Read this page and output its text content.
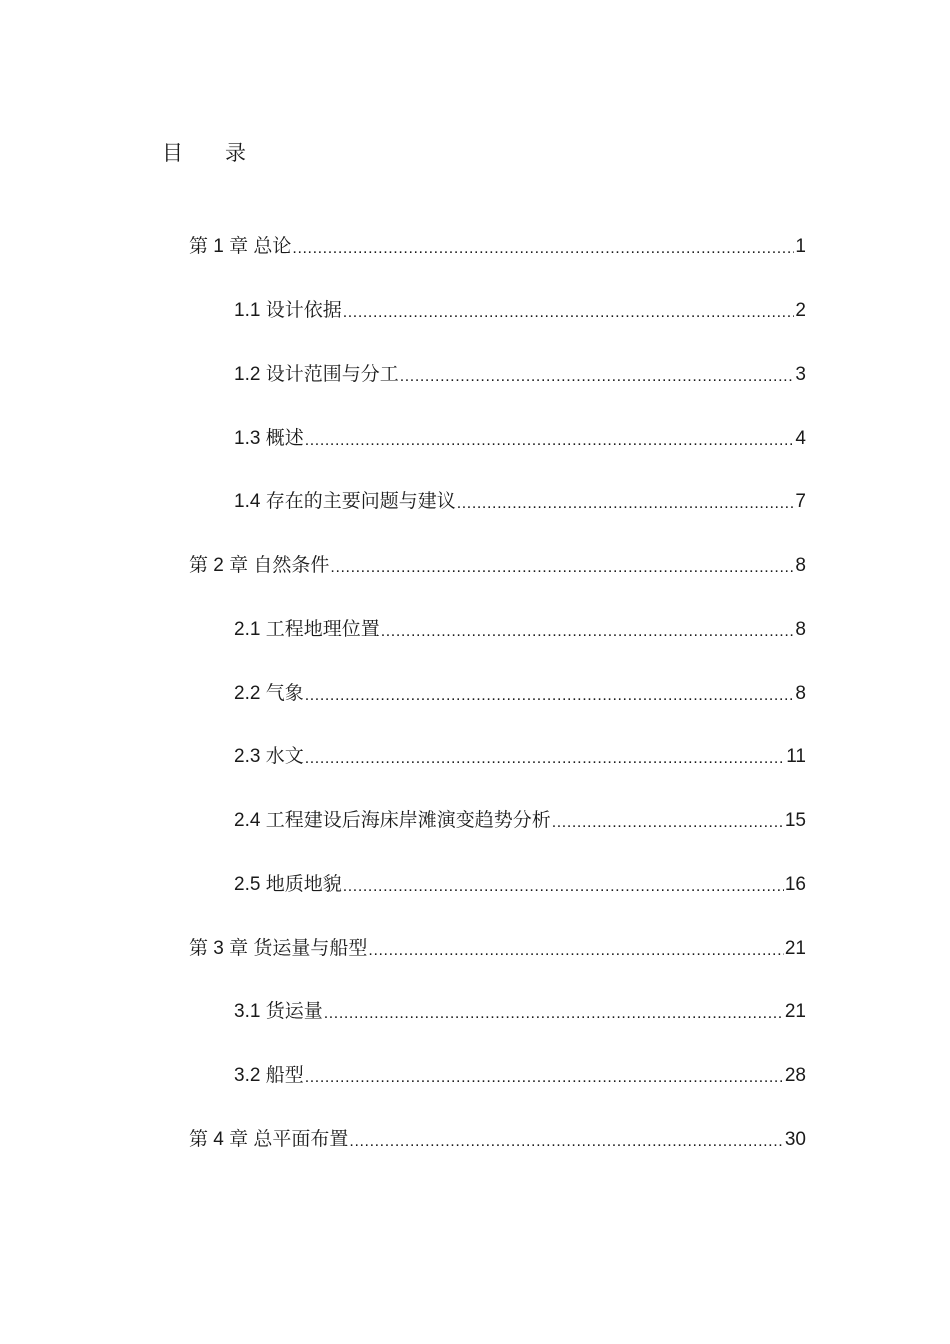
目　　录
第 1 章 总论 .....	1
1.1 设计依据 .....	2
1.2 设计范围与分工 .....	3
1.3 概述 .....	4
1.4 存在的主要问题与建议 .....	7
第 2 章 自然条件 .....	8
2.1 工程地理位置 .....	8
2.2 气象 .....	8
2.3 水文 .....	11
2.4 工程建设后海床岸滩演变趋势分析 .....	15
2.5 地质地貌 .....	16
第 3 章 货运量与船型 .....	21
3.1 货运量 .....	21
3.2 船型 .....	28
第 4 章 总平面布置 .....	30
